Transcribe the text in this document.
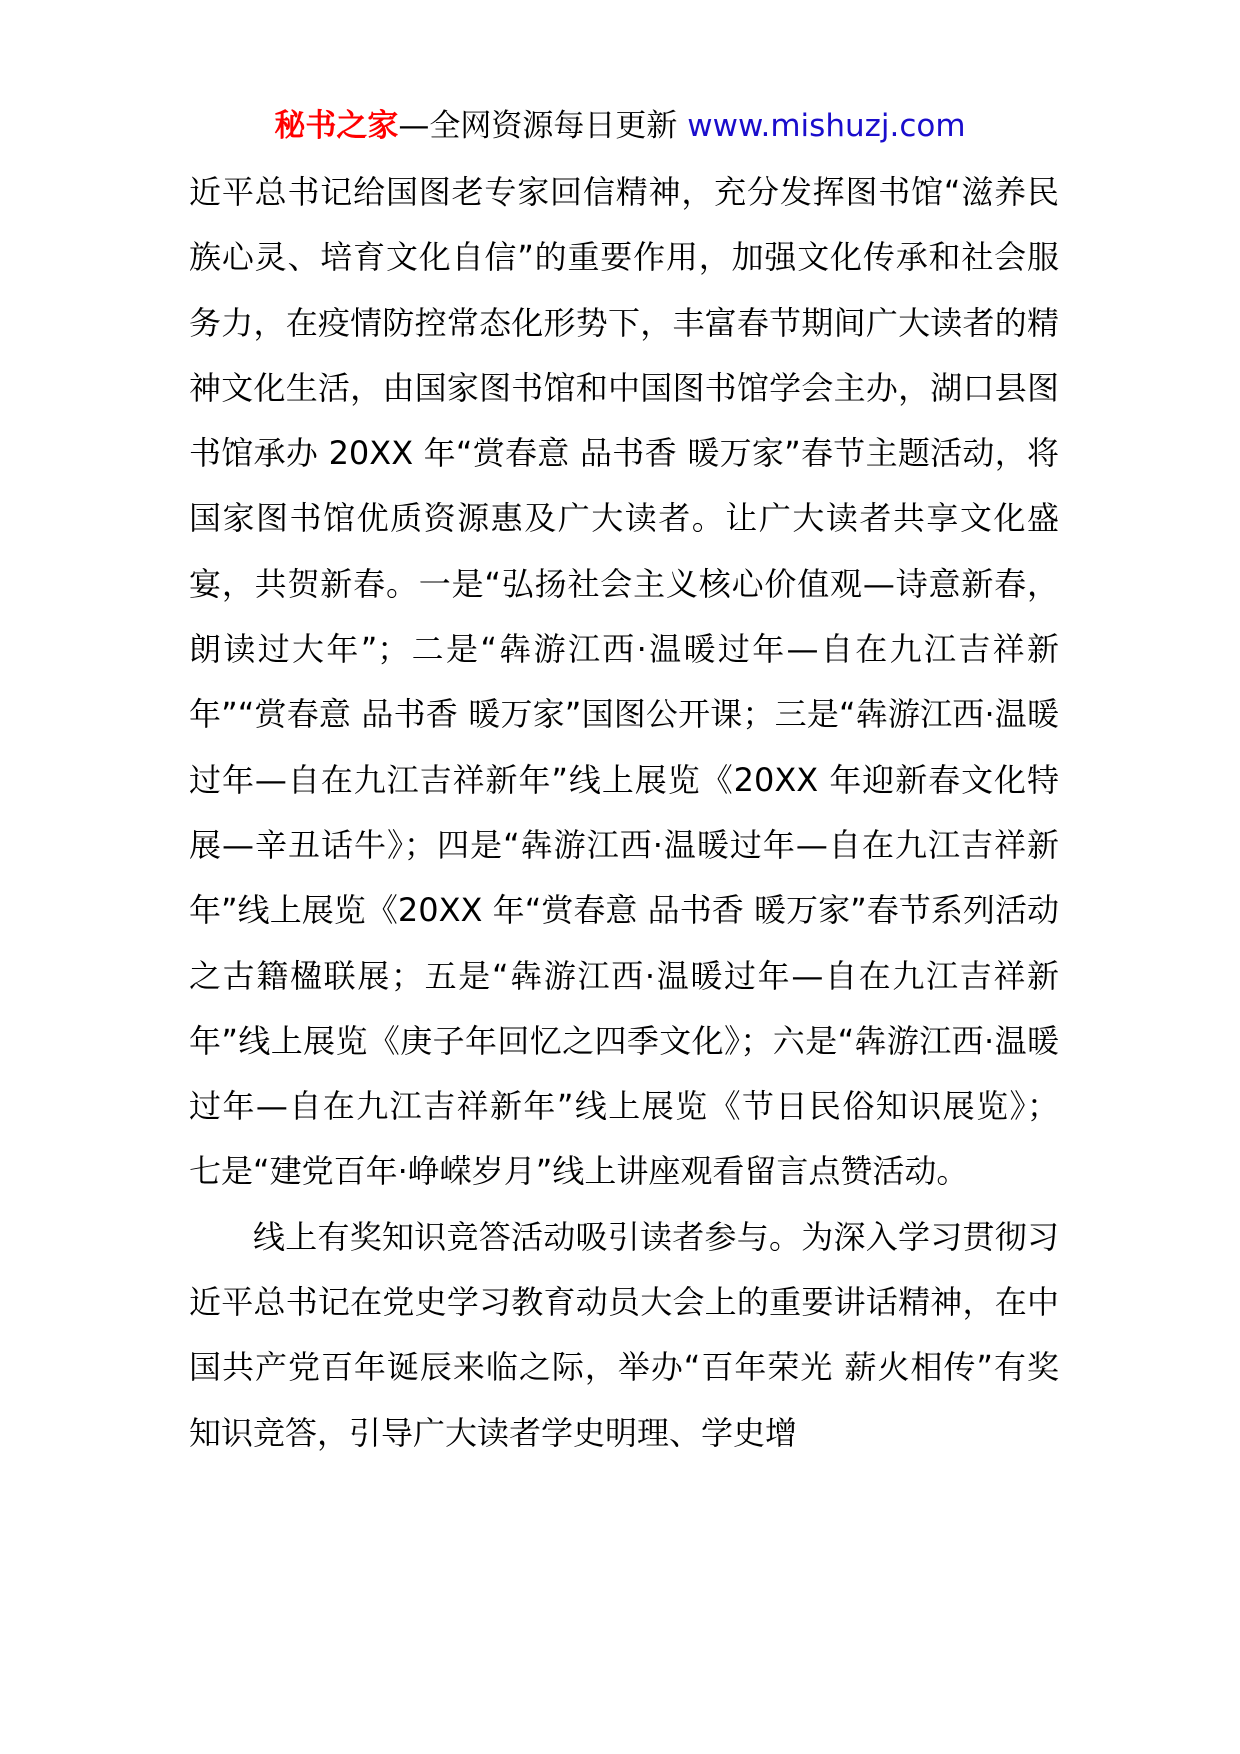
秘书之家—全网资源每日更新 www.mishuzj.com

近平总书记给国图老专家回信精神，充分发挥图书馆“滋养民族心灵、培育文化自信”的重要作用，加强文化传承和社会服务力，在疫情防控常态化形势下，丰富春节期间广大读者的精神文化生活，由国家图书馆和中国图书馆学会主办，湖口县图书馆承办 20XX 年“赏春意 品书香 暖万家”春节主题活动，将国家图书馆优质资源惠及广大读者。让广大读者共享文化盛宴，共贺新春。一是“弘扬社会主义核心价值观—诗意新春，朗读过大年”；二是“犇游江西·温暖过年—自在九江吉祥新年”“赏春意 品书香 暖万家”国图公开课；三是“犇游江西·温暖过年—自在九江吉祥新年”线上展览《20XX 年迎新春文化特展—辛丑话牛》；四是“犇游江西·温暖过年—自在九江吉祥新年”线上展览《20XX 年“赏春意 品书香 暖万家”春节系列活动之古籍楹联展；五是“犇游江西·温暖过年—自在九江吉祥新年”线上展览《庚子年回忆之四季文化》；六是“犇游江西·温暖过年—自在九江吉祥新年”线上展览《节日民俗知识展览》； 七是“建党百年·峥嵘岁月”线上讲座观看留言点赞活动。

线上有奖知识竞答活动吸引读者参与。为深入学习贯彻习近平总书记在党史学习教育动员大会上的重要讲话精神，在中国共产党百年诞辰来临之际，举办“百年荣光 薪火相传”有奖知识竞答，引导广大读者学史明理、学史增
